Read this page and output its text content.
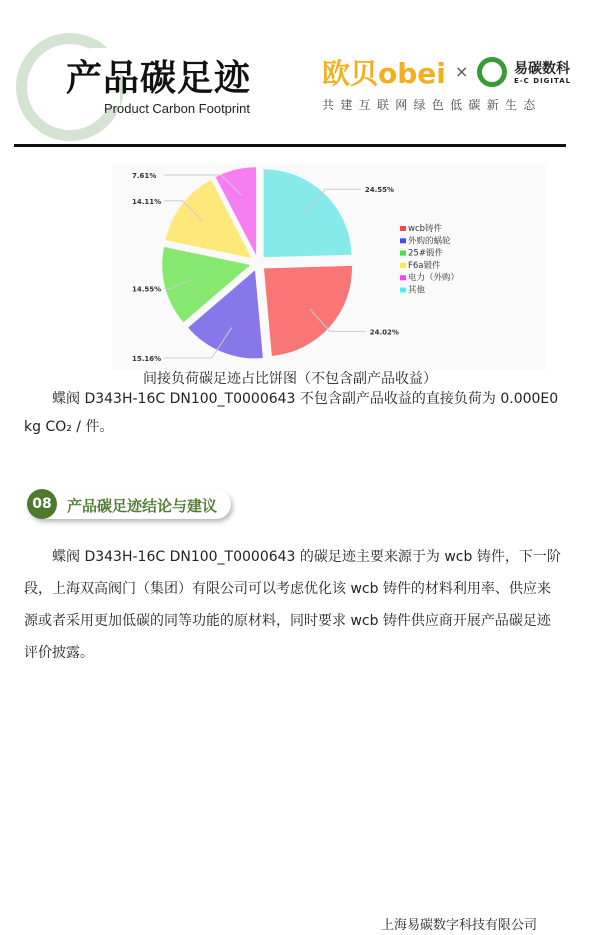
产品碳足迹
Product Carbon Footprint
欧贝obei ×	易碳数科
E-C DIGITAL
共建互联网绿色低碳新生态
24.55%
24.02%
15.16%
14.55%
14.11%
7.61%
wcb铸件
外购的蜗轮
25#锻件
F6a锻件
电力（外购）
其他
间接负荷碳足迹占比饼图（不包含副产品收益）
　　蝶阀 D343H-16C DN100_T0000643 不包含副产品收益的直接负荷为 0.000E0 kg CO₂ / 件。
08	产品碳足迹结论与建议
　　蝶阀 D343H-16C DN100_T0000643 的碳足迹主要来源于为 wcb 铸件，下一阶段，上海双高阀门（集团）有限公司可以考虑优化该 wcb 铸件的材料利用率、供应来源或者采用更加低碳的同等功能的原材料，同时要求 wcb 铸件供应商开展产品碳足迹评价披露。
上海易碳数字科技有限公司
